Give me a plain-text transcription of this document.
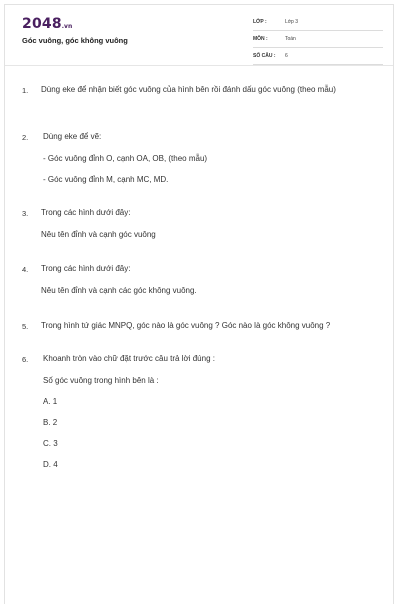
2048.vn
Góc vuông, góc không vuông
LỚP :	Lớp 3
MÔN :	Toán
SỐ CÂU : 6
1. Dùng eke để nhận biết góc vuông của hình bên rồi đánh dấu góc vuông (theo mẫu)
2. Dùng eke để vẽ:
- Góc vuông đỉnh O, cạnh OA, OB, (theo mẫu)
- Góc vuông đỉnh M, cạnh MC, MD.
3. Trong các hình dưới đây:
Nêu tên đỉnh và cạnh góc vuông
4. Trong các hình dưới đây:
Nêu tên đỉnh và cạnh các góc không vuông.
5. Trong hình tứ giác MNPQ, góc nào là góc vuông ? Góc nào là góc không vuông ?
6. Khoanh tròn vào chữ đặt trước câu trả lời đúng :
Số góc vuông trong hình bên là :
A. 1
B. 2
C. 3
D. 4
